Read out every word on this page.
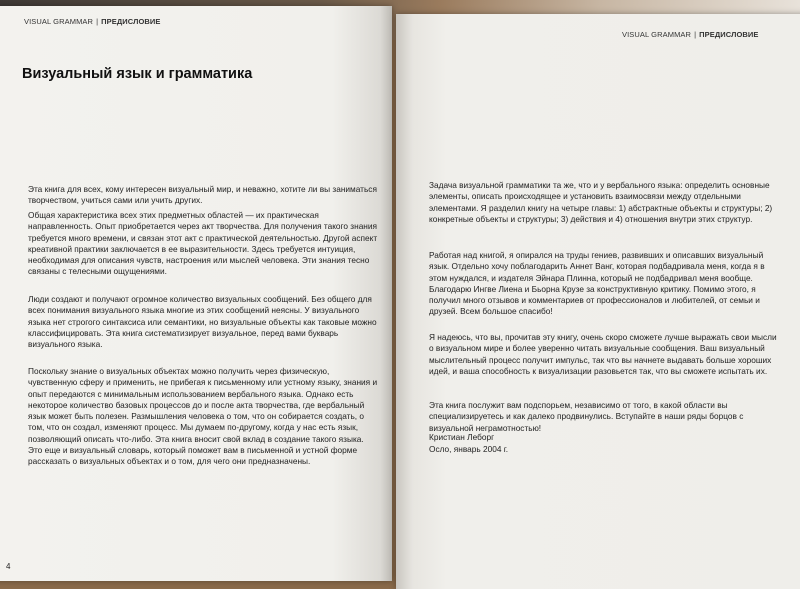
VISUAL GRAMMAR | ПРЕДИСЛОВИЕ
Визуальный язык и грамматика

Эта книга для всех, кому интересен визуальный мир, и неважно, хотите ли вы заниматься творчеством, учиться сами или учить других.

Общая характеристика всех этих предметных областей — их практическая направленность. Опыт приобретается через акт творчества. Для получения такого знания требуется много времени, и связан этот акт с практической деятельностью. Другой аспект креативной практики заключается в ее выразительности. Здесь требуется интуиция, необходимая для описания чувств, настроения или мыслей человека. Эти знания тесно связаны с телесными ощущениями.

Люди создают и получают огромное количество визуальных сообщений. Без общего для всех понимания визуального языка многие из этих сообщений неясны. У визуального языка нет строгого синтаксиса или семантики, но визуальные объекты как таковые можно классифицировать. Эта книга систематизирует визуальное, перед вами букварь визуального языка.

Поскольку знание о визуальных объектах можно получить через физическую, чувственную сферу и применить, не прибегая к письменному или устному языку, знания и опыт передаются с минимальным использованием вербального языка. Однако есть некоторое количество базовых процессов до и после акта творчества, где вербальный язык может быть полезен. Размышления человека о том, что он собирается создать, о том, что он создал, изменяют процесс. Мы думаем по-другому, когда у нас есть язык, позволяющий описать что-либо. Эта книга вносит свой вклад в создание такого языка. Это еще и визуальный словарь, который поможет вам в письменной и устной форме рассказать о визуальных объектах и о том, для чего они предназначены.

4
VISUAL GRAMMAR | ПРЕДИСЛОВИЕ

Задача визуальной грамматики та же, что и у вербального языка: определить основные элементы, описать происходящее и установить взаимосвязи между отдельными элементами. Я разделил книгу на четыре главы: 1) абстрактные объекты и структуры; 2) конкретные объекты и структуры; 3) действия и 4) отношения внутри этих структур.

Работая над книгой, я опирался на труды гениев, развивших и описавших визуальный язык. Отдельно хочу поблагодарить Аннет Ванг, которая подбадривала меня, когда я в этом нуждался, и издателя Эйнара Плинна, который не подбадривал меня вообще. Благодарю Ингве Лиена и Бьорна Крузе за конструктивную критику. Помимо этого, я получил много отзывов и комментариев от профессионалов и любителей, от семьи и друзей. Всем большое спасибо!

Я надеюсь, что вы, прочитав эту книгу, очень скоро сможете лучше выражать свои мысли о визуальном мире и более уверенно читать визуальные сообщения. Ваш визуальный мыслительный процесс получит импульс, так что вы начнете выдавать больше хороших идей, и ваша способность к визуализации разовьется так, что вы сможете испытать их.

Эта книга послужит вам подспорьем, независимо от того, в какой области вы специализируетесь и как далеко продвинулись. Вступайте в наши ряды борцов с визуальной неграмотностью!

Кристиан Леборг
Осло, январь 2004 г.
